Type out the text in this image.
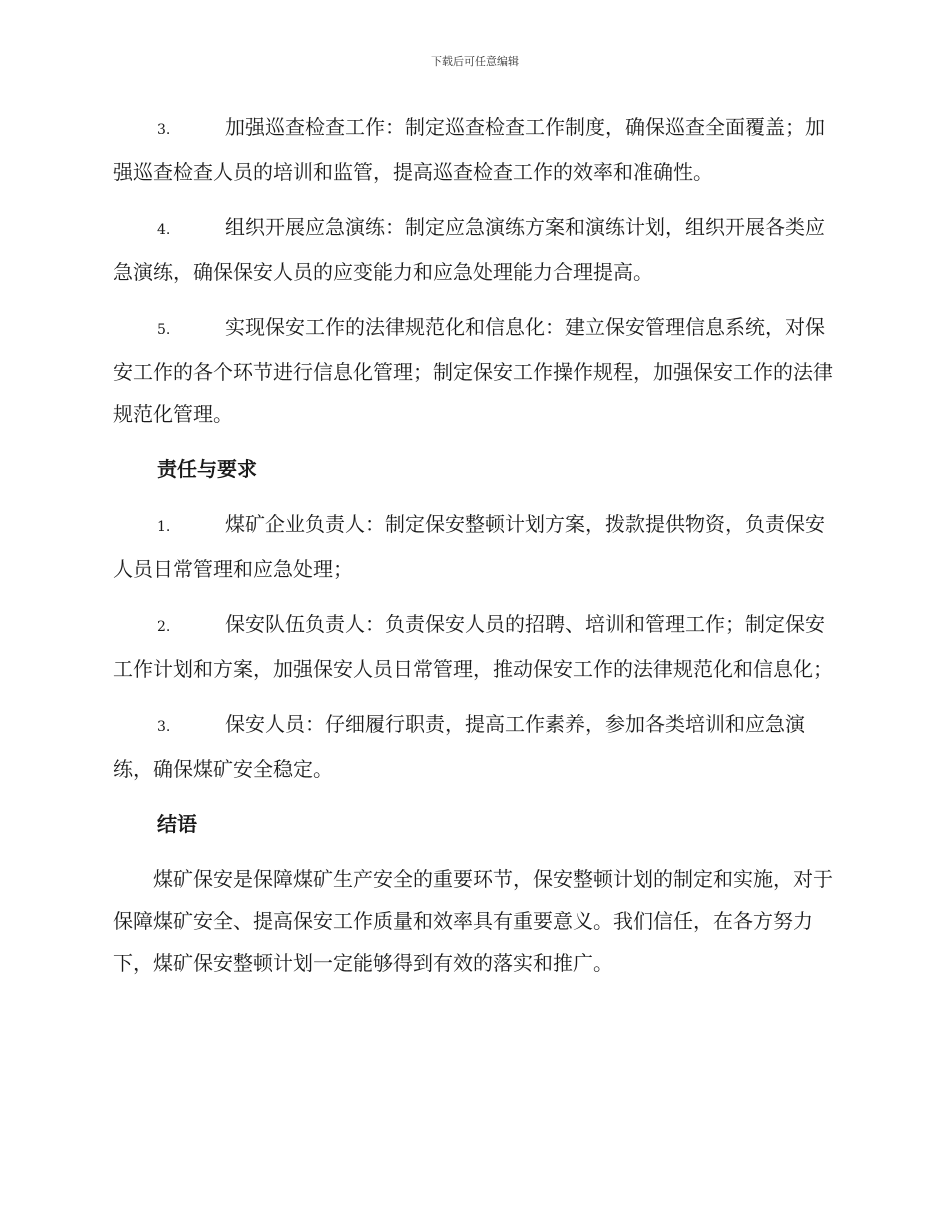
下载后可任意编辑
3.	加强巡查检查工作：制定巡查检查工作制度，确保巡查全面覆盖；加强巡查检查人员的培训和监管，提高巡查检查工作的效率和准确性。
4.	组织开展应急演练：制定应急演练方案和演练计划，组织开展各类应急演练，确保保安人员的应变能力和应急处理能力合理提高。
5.	实现保安工作的法律规范化和信息化：建立保安管理信息系统，对保安工作的各个环节进行信息化管理；制定保安工作操作规程，加强保安工作的法律规范化管理。
责任与要求
1.	煤矿企业负责人：制定保安整顿计划方案，拨款提供物资，负责保安人员日常管理和应急处理；
2.	保安队伍负责人：负责保安人员的招聘、培训和管理工作；制定保安工作计划和方案，加强保安人员日常管理，推动保安工作的法律规范化和信息化；
3.	保安人员：仔细履行职责，提高工作素养，参加各类培训和应急演练，确保煤矿安全稳定。
结语

煤矿保安是保障煤矿生产安全的重要环节，保安整顿计划的制定和实施，对于保障煤矿安全、提高保安工作质量和效率具有重要意义。我们信任，在各方努力下，煤矿保安整顿计划一定能够得到有效的落实和推广。
